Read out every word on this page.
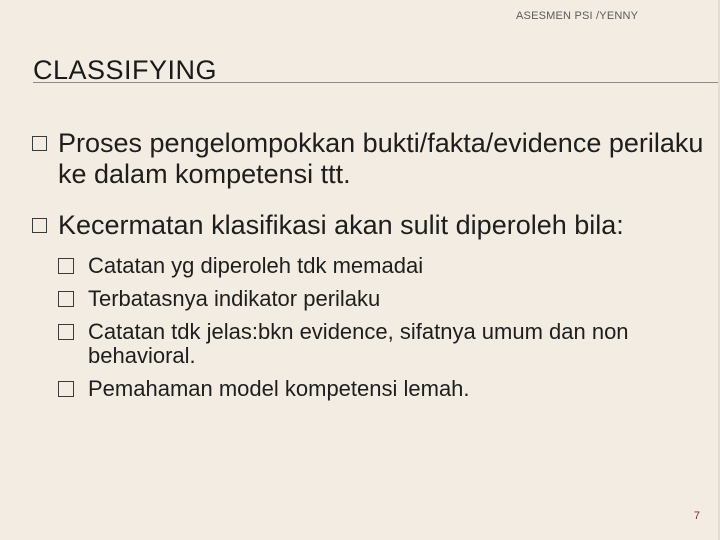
ASESMEN PSI /YENNY
CLASSIFYING
Proses pengelompokkan bukti/fakta/evidence perilaku ke dalam kompetensi ttt.
Kecermatan klasifikasi akan sulit diperoleh bila:
Catatan yg diperoleh tdk memadai
Terbatasnya indikator perilaku
Catatan tdk jelas:bkn evidence, sifatnya umum dan non behavioral.
Pemahaman model kompetensi lemah.
7
